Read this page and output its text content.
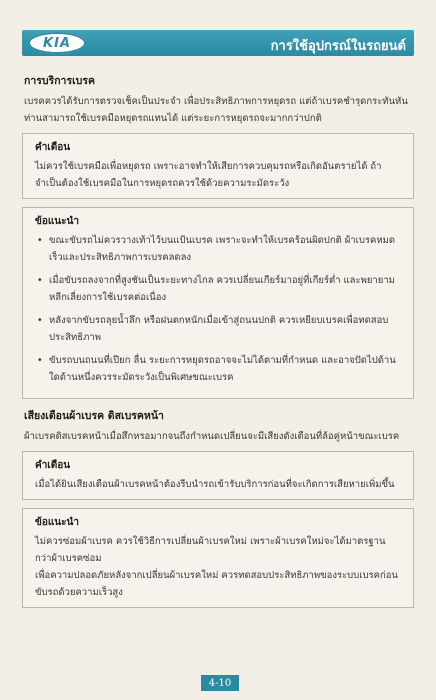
KIA	การใช้อุปกรณ์ในรถยนต์
การบริการเบรค

เบรคควรได้รับการตรวจเช็คเป็นประจำ เพื่อประสิทธิภาพการหยุดรถ แต่ถ้าเบรคชำรุดกระทันหัน ท่านสามารถใช้เบรคมือหยุดรถแทนได้ แต่ระยะการหยุดรถจะมากกว่าปกติ

คำเตือน

ไม่ควรใช้เบรคมือเพื่อหยุดรถ เพราะอาจทำให้เสียการควบคุมรถหรือเกิดอันตรายได้ ถ้าจำเป็นต้องใช้เบรคมือในการหยุดรถควรใช้ด้วยความระมัดระวัง

ข้อแนะนำ
• ขณะขับรถไม่ควรวางเท้าไว้บนแป้นเบรค เพราะจะทำให้เบรคร้อนผิดปกติ ผ้าเบรคหมดเร็วและประสิทธิภาพการเบรคลดลง
• เมื่อขับรถลงจากที่สูงชันเป็นระยะทางไกล ควรเปลี่ยนเกียร์มาอยู่ที่เกียร์ต่ำ และพยายามหลีกเลี่ยงการใช้เบรคต่อเนื่อง
• หลังจากขับรถลุยน้ำลึก หรือฝนตกหนักเมื่อเข้าสู่ถนนปกติ ควรเหยียบเบรคเพื่อทดสอบประสิทธิภาพ
• ขับรถบนถนนที่เปียก ลื่น ระยะการหยุดรถอาจจะไม่ได้ตามที่กำหนด และอาจปัดไปด้านใดด้านหนึ่งควรระมัดระวังเป็นพิเศษขณะเบรค
เสียงเตือนผ้าเบรค ดิสเบรคหน้า

ผ้าเบรคดิสเบรคหน้าเมื่อสึกหรอมากจนถึงกำหนดเปลี่ยนจะมีเสียงดังเตือนที่ล้อคู่หน้าขณะเบรค

คำเตือน

เมื่อได้ยินเสียงเตือนผ้าเบรคหน้าต้องรีบนำรถเข้ารับบริการก่อนที่จะเกิดการเสียหายเพิ่มขึ้น

ข้อแนะนำ

ไม่ควรซ่อมผ้าเบรค ควรใช้วิธีการเปลี่ยนผ้าเบรคใหม่ เพราะผ้าเบรคใหม่จะได้มาตรฐานกว่าผ้าเบรคซ่อม

เพื่อความปลอดภัยหลังจากเปลี่ยนผ้าเบรคใหม่ ควรทดสอบประสิทธิภาพของระบบเบรคก่อนขับรถด้วยความเร็วสูง

4-10
